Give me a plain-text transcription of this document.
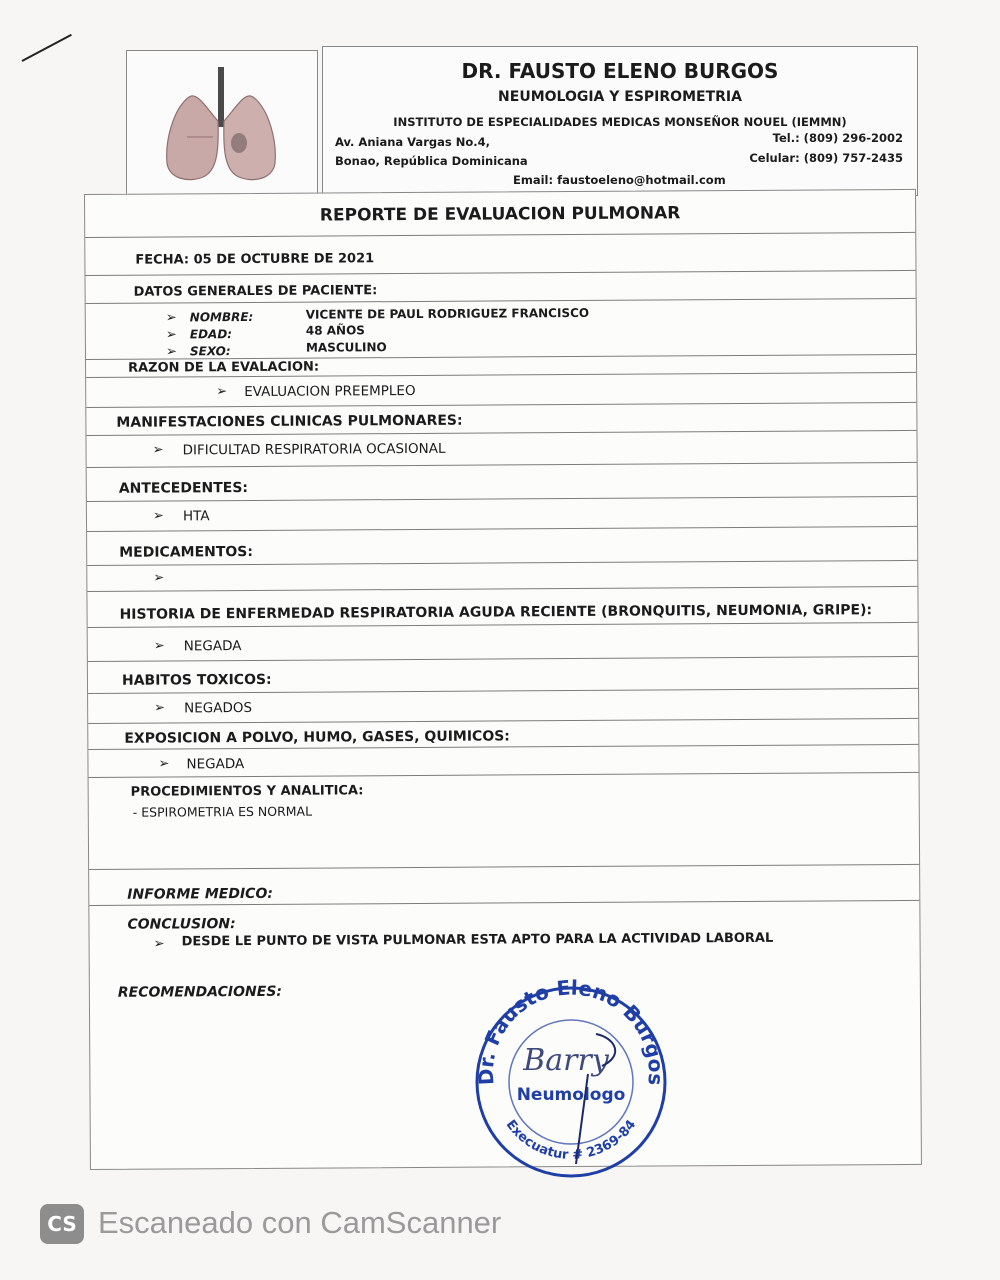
DR. FAUSTO ELENO BURGOS
NEUMOLOGIA Y ESPIROMETRIA
INSTITUTO DE ESPECIALIDADES MEDICAS MONSEÑOR NOUEL (IEMMN)
Av. Aniana Vargas No.4,
Bonao, República Dominicana
Tel.: (809) 296-2002
Celular: (809) 757-2435
Email: faustoeleno@hotmail.com
REPORTE DE EVALUACION PULMONAR
FECHA: 05 DE OCTUBRE DE 2021
DATOS GENERALES DE PACIENTE:
➢ NOMBRE:	VICENTE DE PAUL RODRIGUEZ FRANCISCO
➢ EDAD:	48 AÑOS
➢ SEXO:	MASCULINO
RAZON DE LA EVALACION:
➢ EVALUACION PREEMPLEO
MANIFESTACIONES CLINICAS PULMONARES:
➢ DIFICULTAD RESPIRATORIA OCASIONAL
ANTECEDENTES:
➢ HTA
MEDICAMENTOS:
➢
HISTORIA DE ENFERMEDAD RESPIRATORIA AGUDA RECIENTE (BRONQUITIS, NEUMONIA, GRIPE):
➢ NEGADA
HABITOS TOXICOS:
➢ NEGADOS
EXPOSICION A POLVO, HUMO, GASES, QUIMICOS:
➢ NEGADA
PROCEDIMIENTOS Y ANALITICA:
- ESPIROMETRIA ES NORMAL
INFORME MEDICO:
CONCLUSION:
➢ DESDE LE PUNTO DE VISTA PULMONAR ESTA APTO PARA LA ACTIVIDAD LABORAL
RECOMENDACIONES:
Dr. Fausto Eleno Burgos
Execuatur # 2369-84
Neumologo
Barry
CS Escaneado con CamScanner
